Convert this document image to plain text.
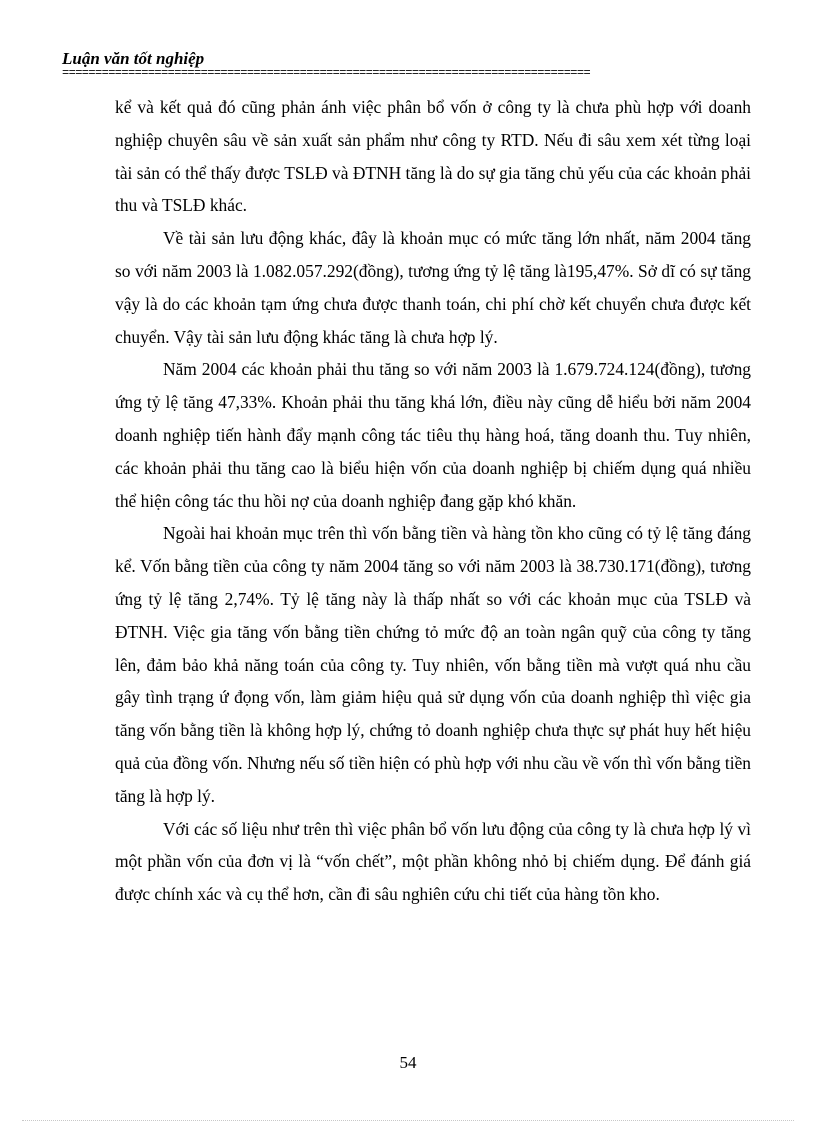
Luận văn tốt nghiệp
================================================================================

kể và kết quả đó cũng phản ánh việc phân bổ vốn ở công ty là chưa phù hợp với doanh nghiệp chuyên sâu về sản xuất sản phẩm như công ty RTD. Nếu đi sâu xem xét từng loại tài sản có thể thấy được TSLĐ và ĐTNH tăng là do sự gia tăng chủ yếu của các khoản phải thu và TSLĐ khác.

Về tài sản lưu động khác, đây là khoản mục có mức tăng lớn nhất, năm 2004 tăng so với năm 2003 là 1.082.057.292(đồng), tương ứng tỷ lệ tăng là195,47%. Sở dĩ có sự tăng vậy là do các khoản tạm ứng chưa được thanh toán, chi phí chờ kết chuyển chưa được kết chuyển. Vậy tài sản lưu động khác tăng là chưa hợp lý.

Năm 2004 các khoản phải thu tăng so với năm 2003 là 1.679.724.124(đồng), tương ứng tỷ lệ tăng 47,33%. Khoản phải thu tăng khá lớn, điều này cũng dễ hiểu bởi năm 2004 doanh nghiệp tiến hành đẩy mạnh công tác tiêu thụ hàng hoá, tăng doanh thu. Tuy nhiên, các khoản phải thu tăng cao là biểu hiện vốn của doanh nghiệp bị chiếm dụng quá nhiều thể hiện công tác thu hồi nợ của doanh nghiệp đang gặp khó khăn.

Ngoài hai khoản mục trên thì vốn bằng tiền và hàng tồn kho cũng có tỷ lệ tăng đáng kể. Vốn bằng tiền của công ty năm 2004 tăng so với năm 2003 là 38.730.171(đồng), tương ứng tỷ lệ tăng 2,74%. Tỷ lệ tăng này là thấp nhất so với các khoản mục của TSLĐ và ĐTNH. Việc gia tăng vốn bằng tiền chứng tỏ mức độ an toàn ngân quỹ của công ty tăng lên, đảm bảo khả năng toán của công ty. Tuy nhiên, vốn bằng tiền mà vượt quá nhu cầu gây tình trạng ứ đọng vốn, làm giảm hiệu quả sử dụng vốn của doanh nghiệp thì việc gia tăng vốn bằng tiền là không hợp lý, chứng tỏ doanh nghiệp chưa thực sự phát huy hết hiệu quả của đồng vốn. Nhưng nếu số tiền hiện có phù hợp với nhu cầu về vốn thì vốn bằng tiền tăng là hợp lý.

Với các số liệu như trên thì việc phân bổ vốn lưu động của công ty là chưa hợp lý vì một phần vốn của đơn vị là “vốn chết”, một phần không nhỏ bị chiếm dụng. Để đánh giá được chính xác và cụ thể hơn, cần đi sâu nghiên cứu chi tiết của hàng tồn kho.

54
